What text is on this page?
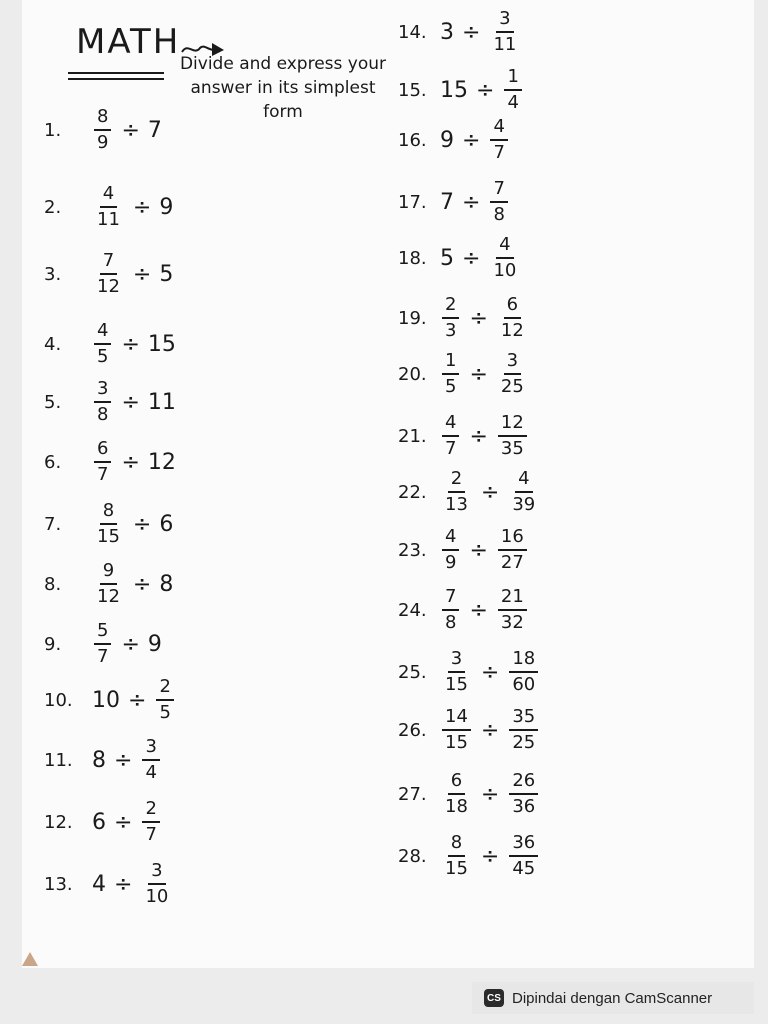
MATH
Divide and express your answer in its simplest form
1.	$\frac{8}{9} \div 7$
2.	$\frac{4}{11} \div 9$
3.	$\frac{7}{12} \div 5$
4.	$\frac{4}{5} \div 15$
5.	$\frac{3}{8} \div 11$
6.	$\frac{6}{7} \div 12$
7.	$\frac{8}{15} \div 6$
8.	$\frac{9}{12} \div 8$
9.	$\frac{5}{7} \div 9$
10. $10 \div \frac{2}{5}$
11. $8 \div \frac{3}{4}$
12. $6 \div \frac{2}{7}$
13. $4 \div \frac{3}{10}$
14. $3 \div \frac{3}{11}$
15. $15 \div \frac{1}{4}$
16. $9 \div \frac{4}{7}$
17. $7 \div \frac{7}{8}$
18. $5 \div \frac{4}{10}$
19. $\frac{2}{3} \div \frac{6}{12}$
20. $\frac{1}{5} \div \frac{3}{25}$
21. $\frac{4}{7} \div \frac{12}{35}$
22. $\frac{2}{13} \div \frac{4}{39}$
23. $\frac{4}{9} \div \frac{16}{27}$
24. $\frac{7}{8} \div \frac{21}{32}$
25. $\frac{3}{15} \div \frac{18}{60}$
26. $\frac{14}{15} \div \frac{35}{25}$
27. $\frac{6}{18} \div \frac{26}{36}$
28. $\frac{8}{15} \div \frac{36}{45}$
CS Dipindai dengan CamScanner
